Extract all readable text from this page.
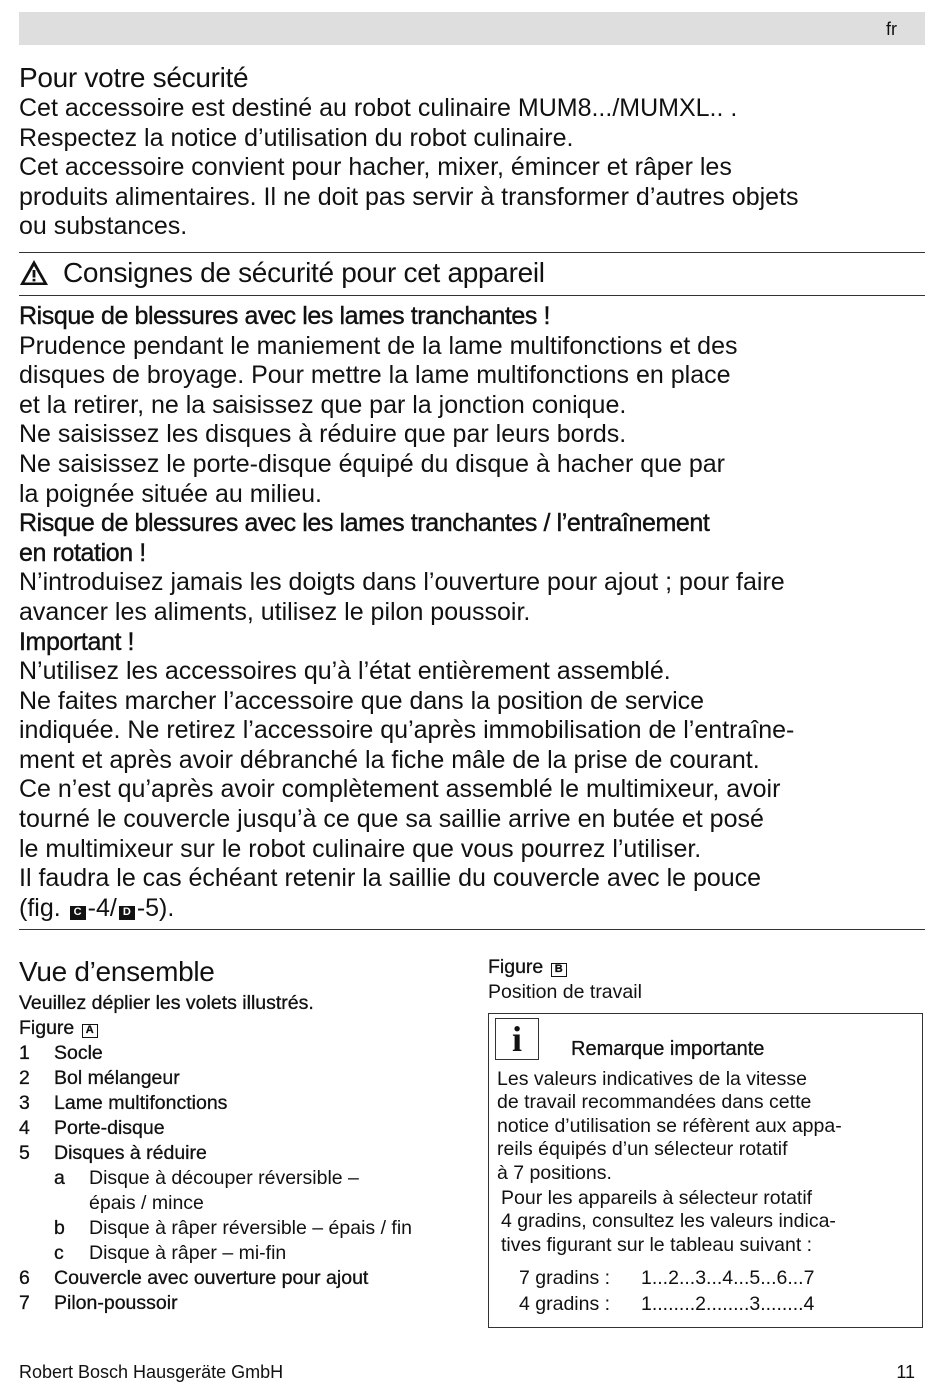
fr
Pour votre sécurité
Cet accessoire est destiné au robot culinaire MUM8.../MUMXL.. .
Respectez la notice d’utilisation du robot culinaire.
Cet accessoire convient pour hacher, mixer, émincer et râper les
produits alimentaires. Il ne doit pas servir à transformer d’autres objets
ou substances.
Consignes de sécurité pour cet appareil
Risque de blessures avec les lames tranchantes !
Prudence pendant le maniement de la lame multifonctions et des
disques de broyage. Pour mettre la lame multifonctions en place
et la retirer, ne la saisissez que par la jonction conique.
Ne saisissez les disques à réduire que par leurs bords.
Ne saisissez le porte-disque équipé du disque à hacher que par
la poignée située au milieu.
Risque de blessures avec les lames tranchantes / l’entraînement
en rotation !
N’introduisez jamais les doigts dans l’ouverture pour ajout ; pour faire
avancer les aliments, utilisez le pilon poussoir.
Important !
N’utilisez les accessoires qu’à l’état entièrement assemblé.
Ne faites marcher l’accessoire que dans la position de service
indiquée. Ne retirez l’accessoire qu’après immobilisation de l’entraîne-
ment et après avoir débranché la fiche mâle de la prise de courant.
Ce n’est qu’après avoir complètement assemblé le multimixeur, avoir
tourné le couvercle jusqu’à ce que sa saillie arrive en butée et posé
le multimixeur sur le robot culinaire que vous pourrez l’utiliser.
Il faudra le cas échéant retenir la saillie du couvercle avec le pouce
(fig. C -4/ D -5).
Vue d’ensemble
Veuillez déplier les volets illustrés.
Figure A
1	Socle
2	Bol mélangeur
3	Lame multifonctions
4	Porte-disque
5	Disques à réduire
a	Disque à découper réversible –
épais / mince
b	Disque à râper réversible – épais / fin
c	Disque à râper – mi-fin
6	Couvercle avec ouverture pour ajout
7	Pilon-poussoir
Figure B
Position de travail
i	Remarque importante
Les valeurs indicatives de la vitesse
de travail recommandées dans cette
notice d’utilisation se réfèrent aux appa-
reils équipés d’un sélecteur rotatif
à 7 positions.
Pour les appareils à sélecteur rotatif
4 gradins, consultez les valeurs indica-
tives figurant sur le tableau suivant :
7 gradins :	1...2...3...4...5...6...7
4 gradins :	1........2........3........4
Robert Bosch Hausgeräte GmbH	11
